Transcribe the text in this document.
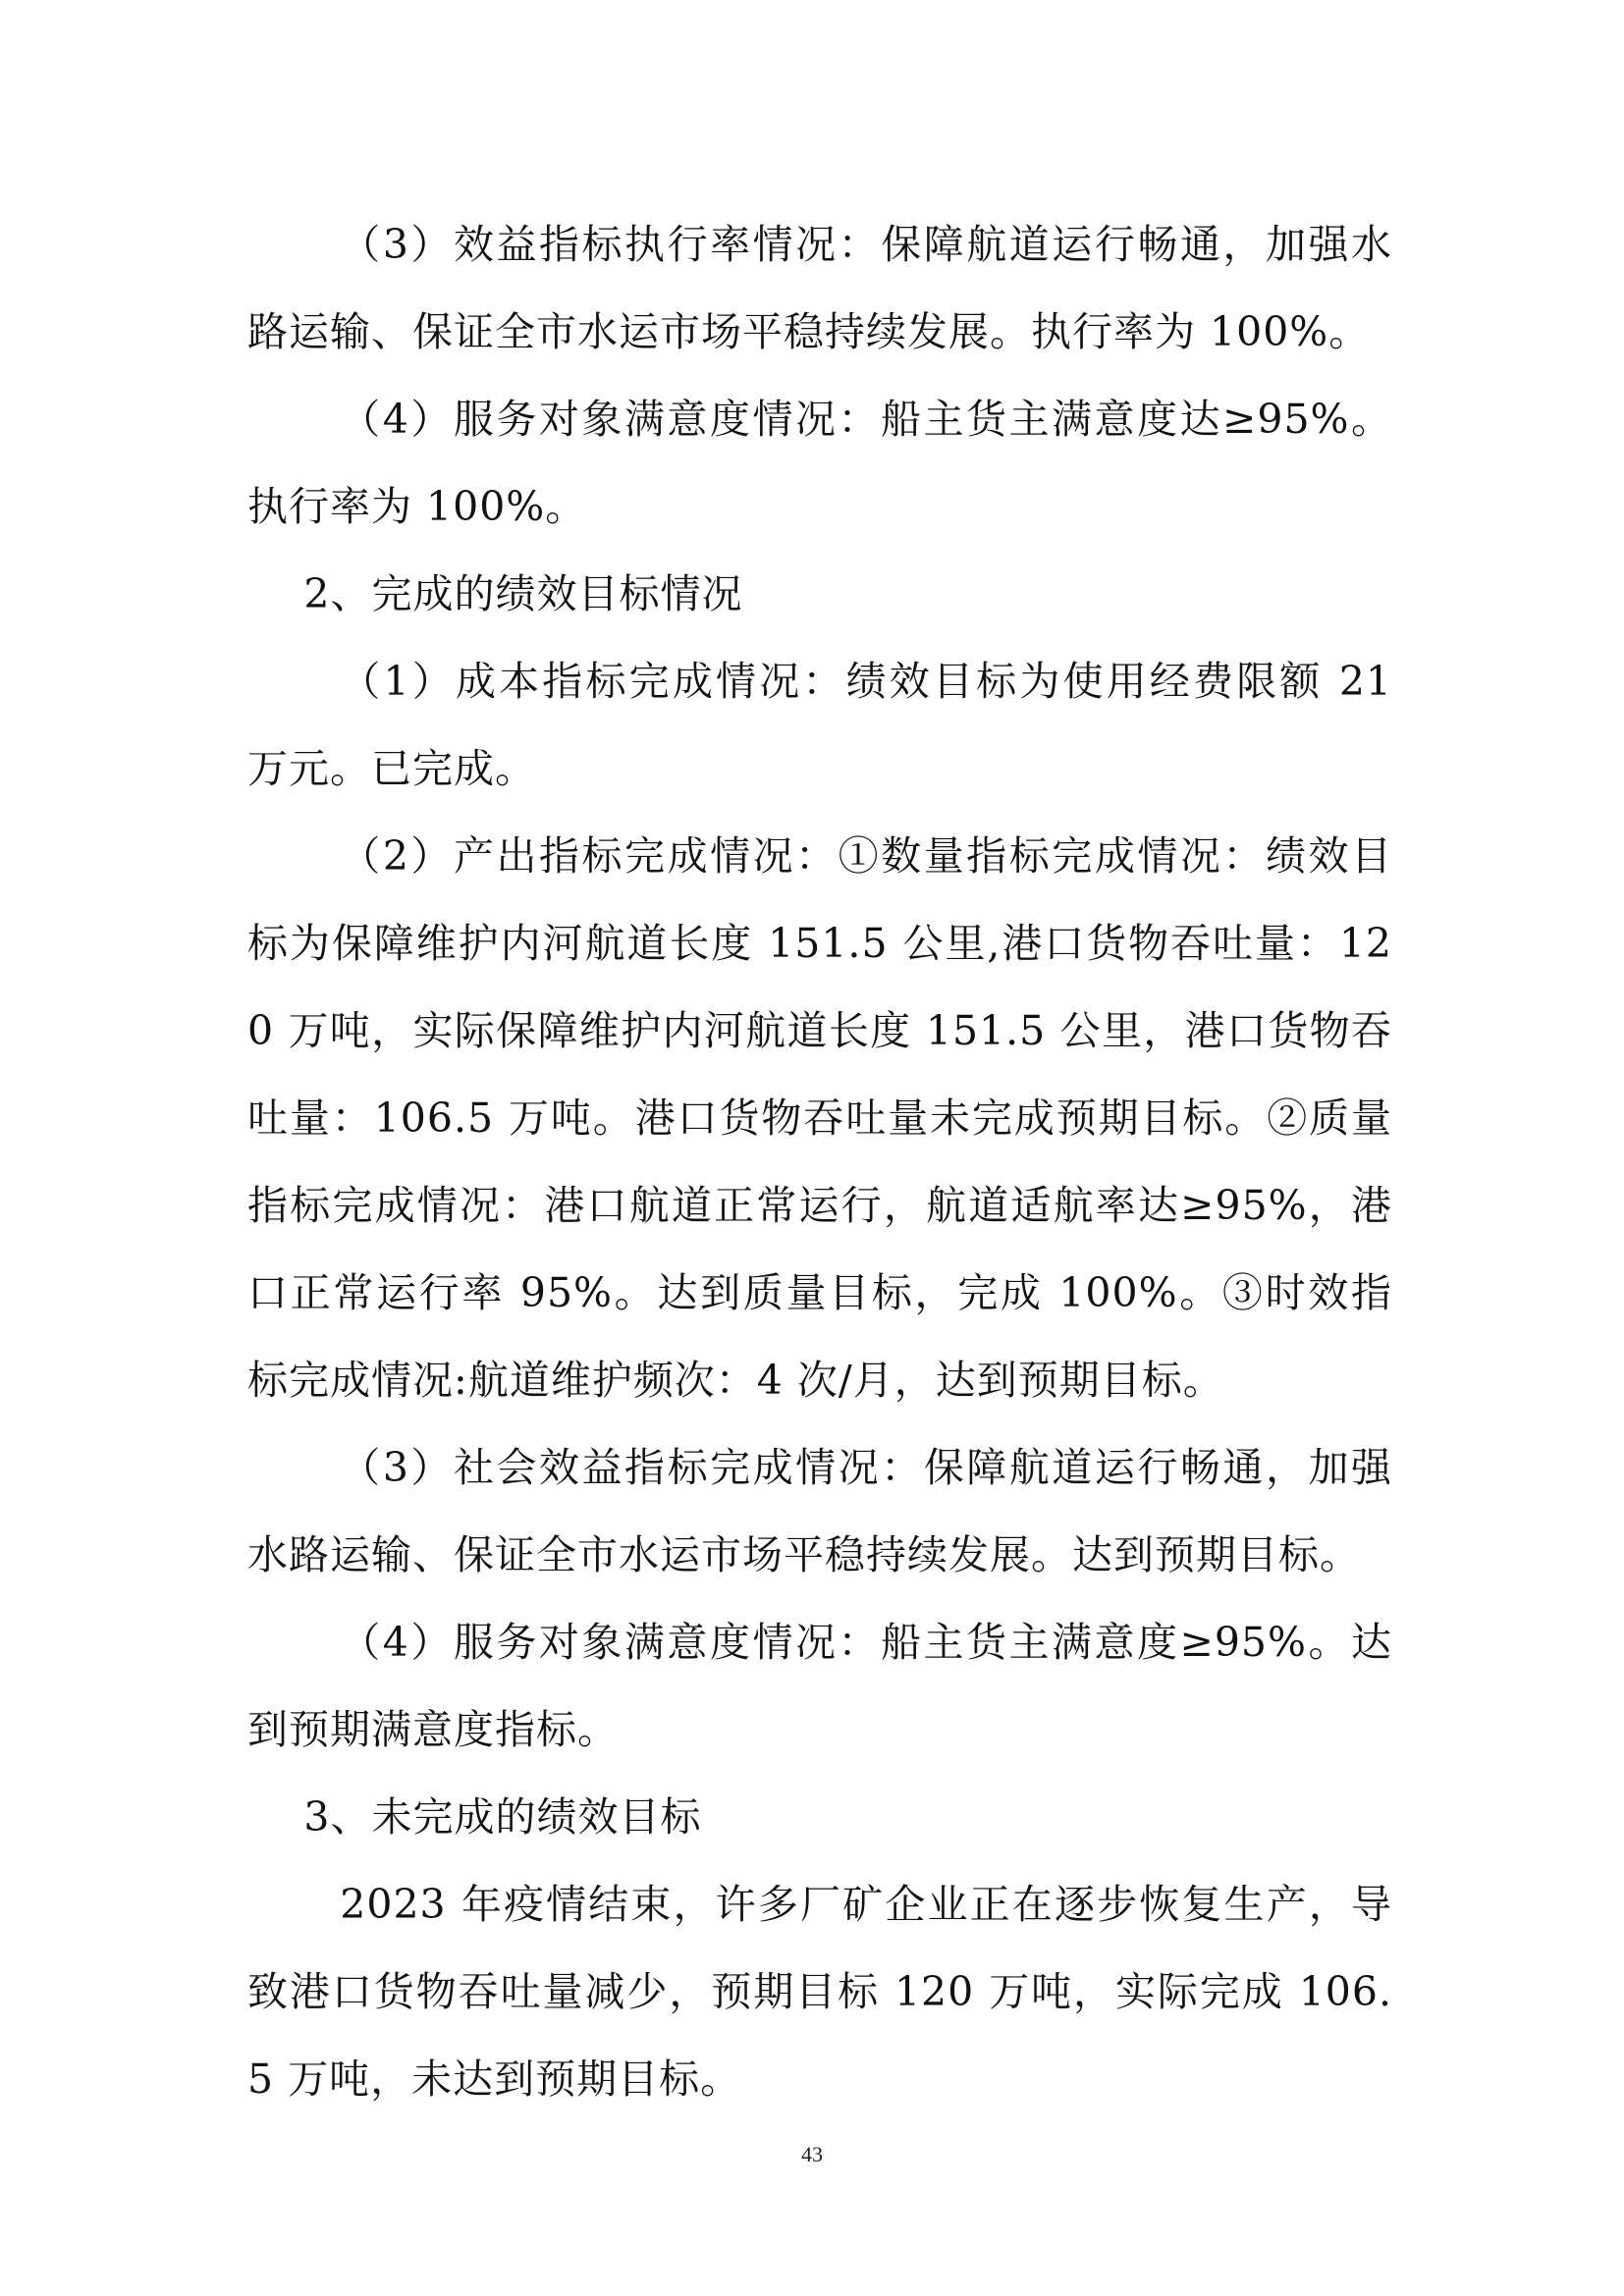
（3）效益指标执行率情况：保障航道运行畅通，加强水路运输、保证全市水运市场平稳持续发展。执行率为 100%。

（4）服务对象满意度情况：船主货主满意度达≥95%。执行率为 100%。

2、完成的绩效目标情况

（1）成本指标完成情况：绩效目标为使用经费限额 21 万元。已完成。

（2）产出指标完成情况：①数量指标完成情况：绩效目标为保障维护内河航道长度 151.5 公里,港口货物吞吐量：120 万吨，实际保障维护内河航道长度 151.5 公里，港口货物吞吐量：106.5 万吨。港口货物吞吐量未完成预期目标。②质量指标完成情况：港口航道正常运行，航道适航率达≥95%，港口正常运行率 95%。达到质量目标，完成 100%。③时效指标完成情况:航道维护频次：4 次/月，达到预期目标。

（3）社会效益指标完成情况：保障航道运行畅通，加强水路运输、保证全市水运市场平稳持续发展。达到预期目标。

（4）服务对象满意度情况：船主货主满意度≥95%。达到预期满意度指标。

3、未完成的绩效目标

2023 年疫情结束，许多厂矿企业正在逐步恢复生产，导致港口货物吞吐量减少，预期目标 120 万吨，实际完成 106.5 万吨，未达到预期目标。

43
